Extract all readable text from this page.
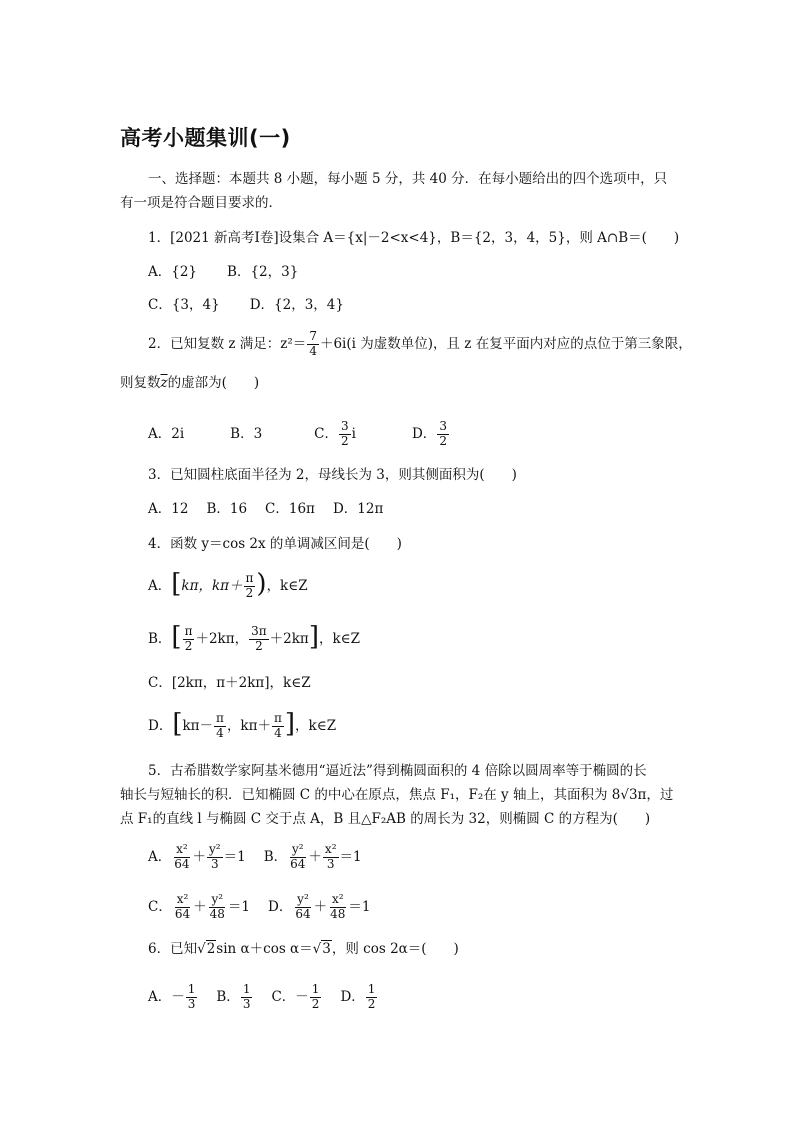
高考小题集训(一)
一、选择题：本题共 8 小题，每小题 5 分，共 40 分．在每小题给出的四个选项中，只
有一项是符合题目要求的．
1．[2021 新高考Ⅰ卷]设集合 A＝{x|－2<x<4}，B＝{2，3，4，5}，则 A∩B＝(　　)
A．{2} B．{2，3}
C．{3，4} D．{2，3，4}
2．已知复数 z 满足：$z^2= \frac{7}{4} +6i(i$ 为虚数单位)，且 z 在复平面内对应的点位于第三象限，
则复数$\overline{z}$的虚部为(　　)
A．2i	B．3	C． $\frac{3}{2}$ i	D． $\frac{3}{2}$
3．已知圆柱底面半径为 2，母线长为 3，则其侧面积为(　　)
A．12 B．16 C．16π D．12π
4．函数 y＝cos 2x 的单调减区间是(　　)
A．[kπ，$k\pi+ \frac{\pi}{2}$ )，k∈Z
B．[ $\frac{\pi}{2} +2k\pi$， $\frac{3\pi}{2} +2k\pi$]，k∈Z
C．[2kπ，π＋2kπ]，k∈Z
D．[$k\pi- \frac{\pi}{4}$ ，$k\pi+ \frac{\pi}{4}$ ]，k∈Z
5．古希腊数学家阿基米德用“逼近法”得到椭圆面积的 4 倍除以圆周率等于椭圆的长
轴长与短轴长的积．已知椭圆 C 的中心在原点，焦点 F₁，F₂在 y 轴上，其面积为 8√3π，过
点 F₁的直线 l 与椭圆 C 交于点 A，B 且△F₂AB 的周长为 32，则椭圆 C 的方程为(　　)
A． $\frac{\text{x²}}{64} + \frac{\text{y²}}{3} =1$ B． $\frac{\text{y²}}{64} + \frac{\text{x²}}{3} =1$
C． $\frac{\text{x²}}{64} + \frac{\text{y²}}{48} =1$ D． $\frac{\text{y²}}{64} + \frac{\text{x²}}{48} =1$
6．已知√2sin α＋cos α＝√3，则 cos 2α＝(　　)
A．－ $\frac{1}{3}$ B． $\frac{1}{3}$ C．－ $\frac{1}{2}$ D． $\frac{1}{2}$
